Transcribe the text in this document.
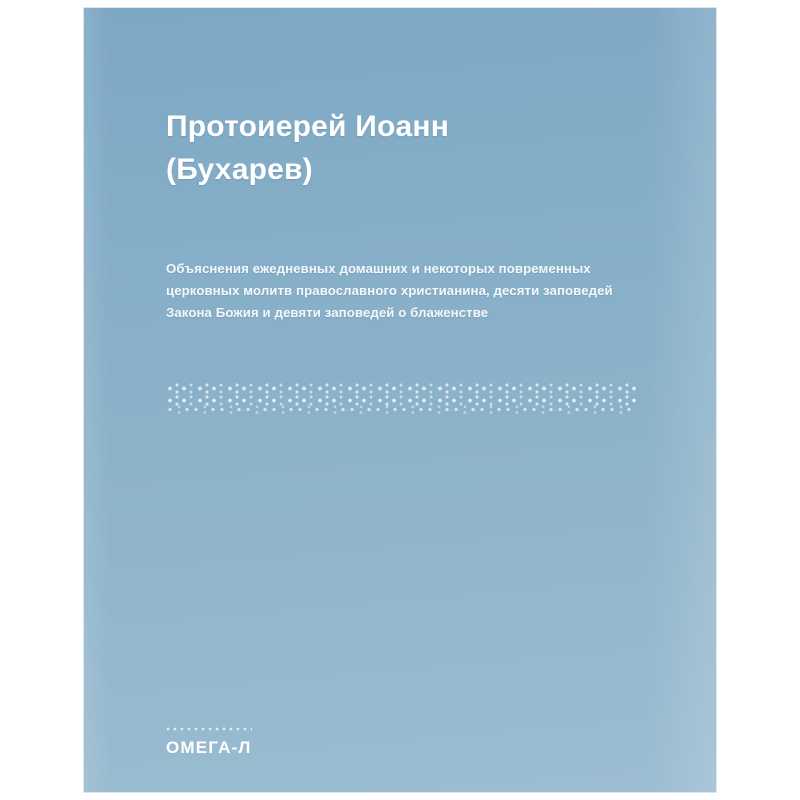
Протоиерей Иоанн
(Бухарев)
Объяснения ежедневных домашних и некоторых повременных церковных молитв православного христианина, десяти заповедей Закона Божия и девяти заповедей о блаженстве
ОМЕГА-Л
